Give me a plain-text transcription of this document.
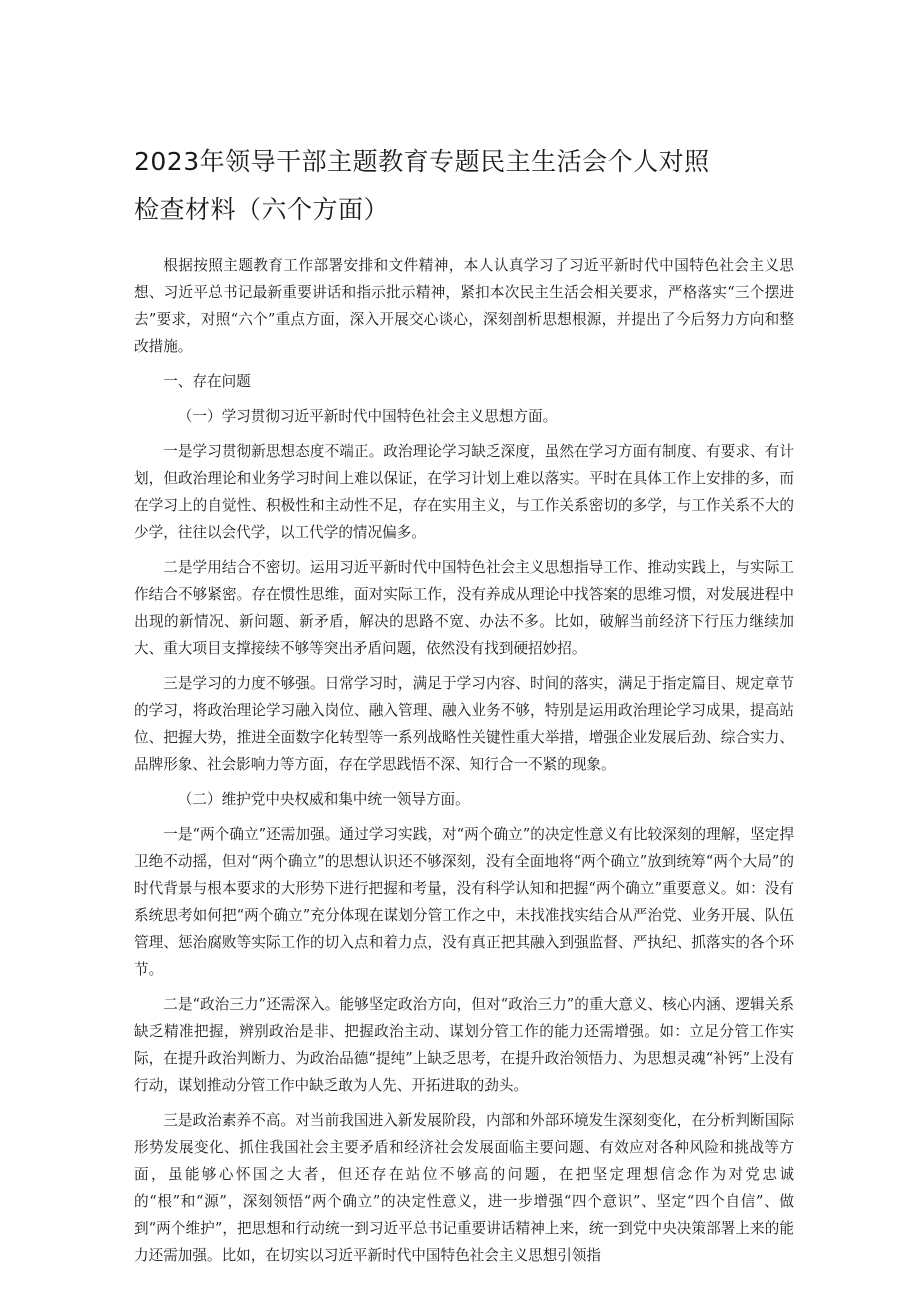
2023年领导干部主题教育专题民主生活会个人对照
检查材料（六个方面）

根据按照主题教育工作部署安排和文件精神，本人认真学习了习近平新时代中国特色社会主义思想、习近平总书记最新重要讲话和指示批示精神，紧扣本次民主生活会相关要求，严格落实“三个摆进去”要求，对照“六个”重点方面，深入开展交心谈心，深刻剖析思想根源，并提出了今后努力方向和整改措施。

一、存在问题

（一）学习贯彻习近平新时代中国特色社会主义思想方面。

一是学习贯彻新思想态度不端正。政治理论学习缺乏深度，虽然在学习方面有制度、有要求、有计划，但政治理论和业务学习时间上难以保证，在学习计划上难以落实。平时在具体工作上安排的多，而在学习上的自觉性、积极性和主动性不足，存在实用主义，与工作关系密切的多学，与工作关系不大的少学，往往以会代学，以工代学的情况偏多。

二是学用结合不密切。运用习近平新时代中国特色社会主义思想指导工作、推动实践上，与实际工作结合不够紧密。存在惯性思维，面对实际工作，没有养成从理论中找答案的思维习惯，对发展进程中出现的新情况、新问题、新矛盾，解决的思路不宽、办法不多。比如，破解当前经济下行压力继续加大、重大项目支撑接续不够等突出矛盾问题，依然没有找到硬招妙招。

三是学习的力度不够强。日常学习时，满足于学习内容、时间的落实，满足于指定篇目、规定章节的学习，将政治理论学习融入岗位、融入管理、融入业务不够，特别是运用政治理论学习成果，提高站位、把握大势，推进全面数字化转型等一系列战略性关键性重大举措，增强企业发展后劲、综合实力、品牌形象、社会影响力等方面，存在学思践悟不深、知行合一不紧的现象。

（二）维护党中央权威和集中统一领导方面。

一是“两个确立”还需加强。通过学习实践，对“两个确立”的决定性意义有比较深刻的理解，坚定捍卫绝不动摇，但对“两个确立”的思想认识还不够深刻，没有全面地将“两个确立”放到统筹“两个大局”的时代背景与根本要求的大形势下进行把握和考量，没有科学认知和把握“两个确立”重要意义。如：没有系统思考如何把“两个确立”充分体现在谋划分管工作之中，未找准找实结合从严治党、业务开展、队伍管理、惩治腐败等实际工作的切入点和着力点，没有真正把其融入到强监督、严执纪、抓落实的各个环节。

二是“政治三力”还需深入。能够坚定政治方向，但对“政治三力”的重大意义、核心内涵、逻辑关系缺乏精准把握，辨别政治是非、把握政治主动、谋划分管工作的能力还需增强。如：立足分管工作实际，在提升政治判断力、为政治品德“提纯”上缺乏思考，在提升政治领悟力、为思想灵魂“补钙”上没有行动，谋划推动分管工作中缺乏敢为人先、开拓进取的劲头。

三是政治素养不高。对当前我国进入新发展阶段，内部和外部环境发生深刻变化，在分析判断国际形势发展变化、抓住我国社会主要矛盾和经济社会发展面临主要问题、有效应对各种风险和挑战等方面，虽能够心怀国之大者，但还存在站位不够高的问题，在把坚定理想信念作为对党忠诚的“根”和“源”，深刻领悟“两个确立”的决定性意义，进一步增强“四个意识”、坚定“四个自信”、做到“两个维护”，把思想和行动统一到习近平总书记重要讲话精神上来，统一到党中央决策部署上来的能力还需加强。比如，在切实以习近平新时代中国特色社会主义思想引领指
